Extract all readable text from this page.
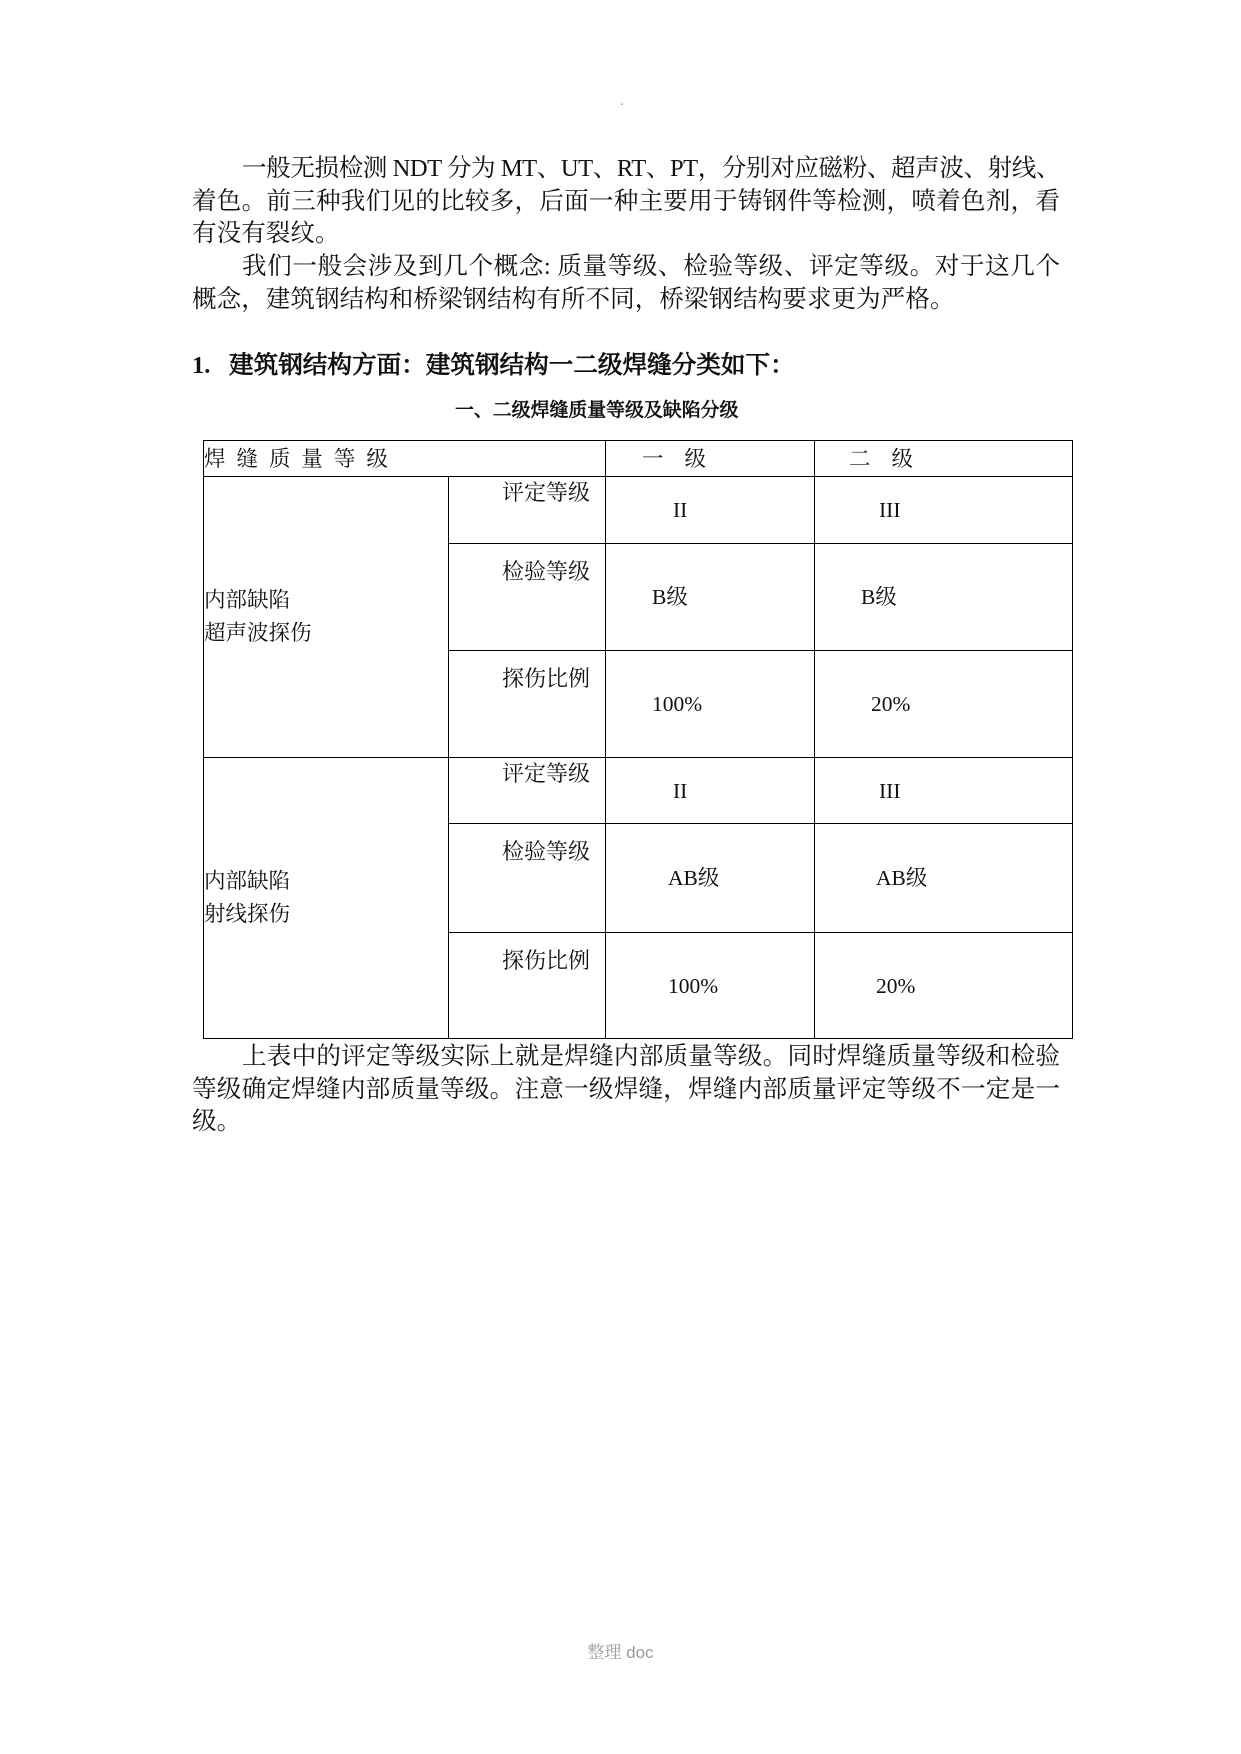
.
一般无损检测 NDT 分为 MT、UT、RT、PT，分别对应磁粉、超声波、射线、
着色。前三种我们见的比较多，后面一种主要用于铸钢件等检测，喷着色剂，看
有没有裂纹。
我们一般会涉及到几个概念: 质量等级、检验等级、评定等级。对于这几个
概念，建筑钢结构和桥梁钢结构有所不同，桥梁钢结构要求更为严格。
1. 建筑钢结构方面：建筑钢结构一二级焊缝分类如下：
一、二级焊缝质量等级及缺陷分级
焊 缝 质 量 等 级		一 级	二 级

内部缺陷
超声波探伤	评定等级	II	III
	检验等级	B级	B级
	探伤比例	100%	20%

内部缺陷
射线探伤	评定等级	II	III
	检验等级	AB级	AB级
	探伤比例	100%	20%
上表中的评定等级实际上就是焊缝内部质量等级。同时焊缝质量等级和检验
等级确定焊缝内部质量等级。注意一级焊缝，焊缝内部质量评定等级不一定是一
级。
整理 doc
